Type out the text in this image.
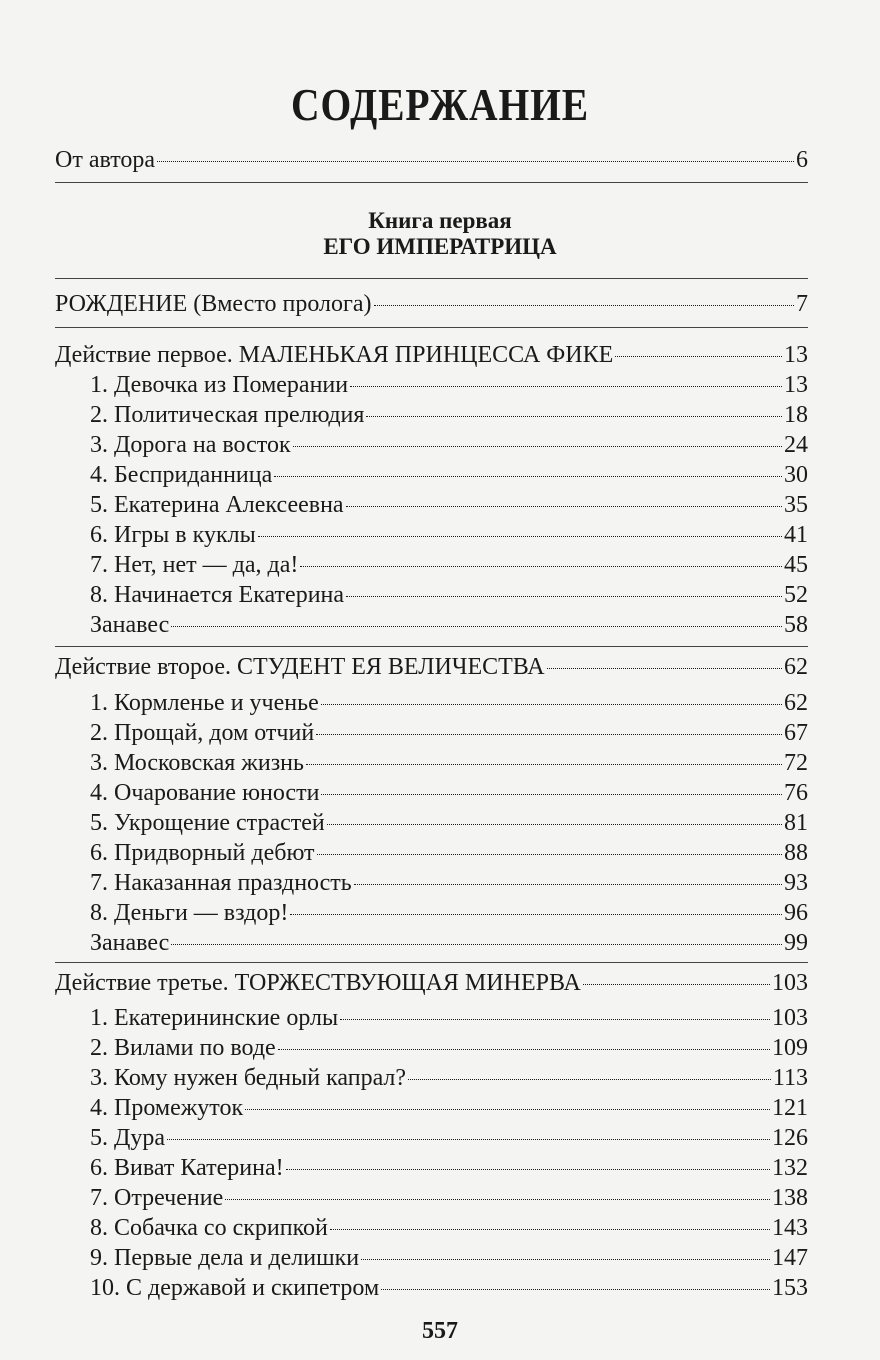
СОДЕРЖАНИЕ
От автора	6
Книга первая
ЕГО ИМПЕРАТРИЦА
РОЖДЕНИЕ (Вместо пролога)	7
Действие первое. МАЛЕНЬКАЯ ПРИНЦЕССА ФИКЕ	13
1. Девочка из Померании	13
2. Политическая прелюдия	18
3. Дорога на восток	24
4. Бесприданница	30
5. Екатерина Алексеевна	35
6. Игры в куклы	41
7. Нет, нет — да, да!	45
8. Начинается Екатерина	52
Занавес	58
Действие второе. СТУДЕНТ ЕЯ ВЕЛИЧЕСТВА	62
1. Кормленье и ученье	62
2. Прощай, дом отчий	67
3. Московская жизнь	72
4. Очарование юности	76
5. Укрощение страстей	81
6. Придворный дебют	88
7. Наказанная праздность	93
8. Деньги — вздор!	96
Занавес	99
Действие третье. ТОРЖЕСТВУЮЩАЯ МИНЕРВА	103
1. Екатерининские орлы	103
2. Вилами по воде	109
3. Кому нужен бедный капрал?	113
4. Промежуток	121
5. Дура	126
6. Виват Катерина!	132
7. Отречение	138
8. Собачка со скрипкой	143
9. Первые дела и делишки	147
10. С державой и скипетром	153
557
